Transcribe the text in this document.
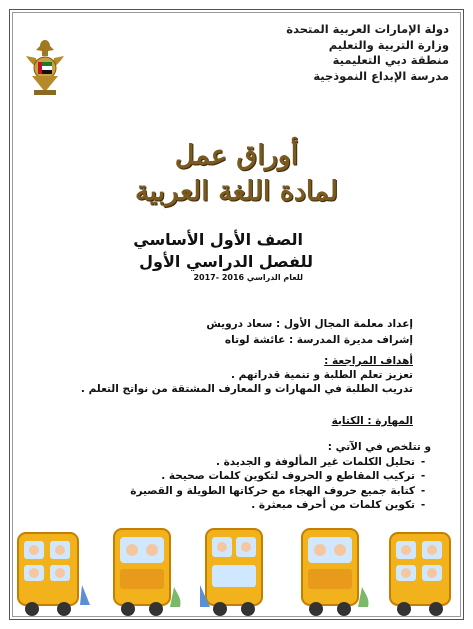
دولة الإمارات العربية المتحدة
وزارة التربية والتعليم
منطقة دبي التعليمية
مدرسة الإبداع النموذجية
أوراق عمل
لمادة اللغة العربية
الصف الأول الأساسي
للفصل الدراسي الأول
للعام الدراسي 2016 -2017
إعداد معلمة المجال الأول : سعاد درويش
إشراف مديرة المدرسة : عائشة لوتاه
أهداف المراجعة :
تعزيز تعلم الطلبة و تنمية قدراتهم .
تدريب الطلبة في المهارات و المعارف المشتقة من نواتج التعلم .
المهارة : الكتابة
و تتلخص في الآتي :
-
تحليل الكلمات غير المألوفة و الجديدة .
-
تركيب المقاطع و الحروف لتكوين كلمات صحيحة .
-
كتابة جميع حروف الهجاء مع حركاتها الطويلة و القصيرة
-
تكوين كلمات من أحرف مبعثرة .
